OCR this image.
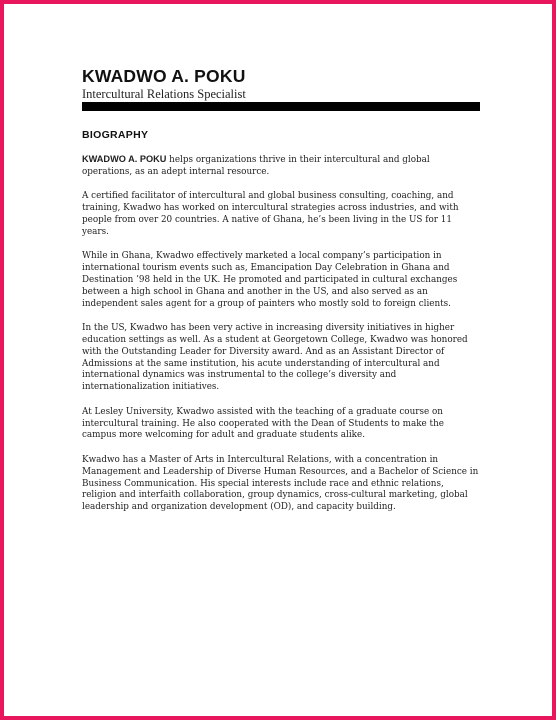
KWADWO A. POKU
Intercultural Relations Specialist
BIOGRAPHY

KWADWO A. POKU helps organizations thrive in their intercultural and global operations, as an adept internal resource.

A certified facilitator of intercultural and global business consulting, coaching, and training, Kwadwo has worked on intercultural strategies across industries, and with people from over 20 countries. A native of Ghana, he’s been living in the US for 11 years.

While in Ghana, Kwadwo effectively marketed a local company’s participation in international tourism events such as, Emancipation Day Celebration in Ghana and Destination ’98 held in the UK. He promoted and participated in cultural exchanges between a high school in Ghana and another in the US, and also served as an independent sales agent for a group of painters who mostly sold to foreign clients.

In the US, Kwadwo has been very active in increasing diversity initiatives in higher education settings as well. As a student at Georgetown College, Kwadwo was honored with the Outstanding Leader for Diversity award. And as an Assistant Director of Admissions at the same institution, his acute understanding of intercultural and international dynamics was instrumental to the college’s diversity and internationalization initiatives.

At Lesley University, Kwadwo assisted with the teaching of a graduate course on intercultural training. He also cooperated with the Dean of Students to make the campus more welcoming for adult and graduate students alike.

Kwadwo has a Master of Arts in Intercultural Relations, with a concentration in Management and Leadership of Diverse Human Resources, and a Bachelor of Science in Business Communication. His special interests include race and ethnic relations, religion and interfaith collaboration, group dynamics, cross-cultural marketing, global leadership and organization development (OD), and capacity building.
